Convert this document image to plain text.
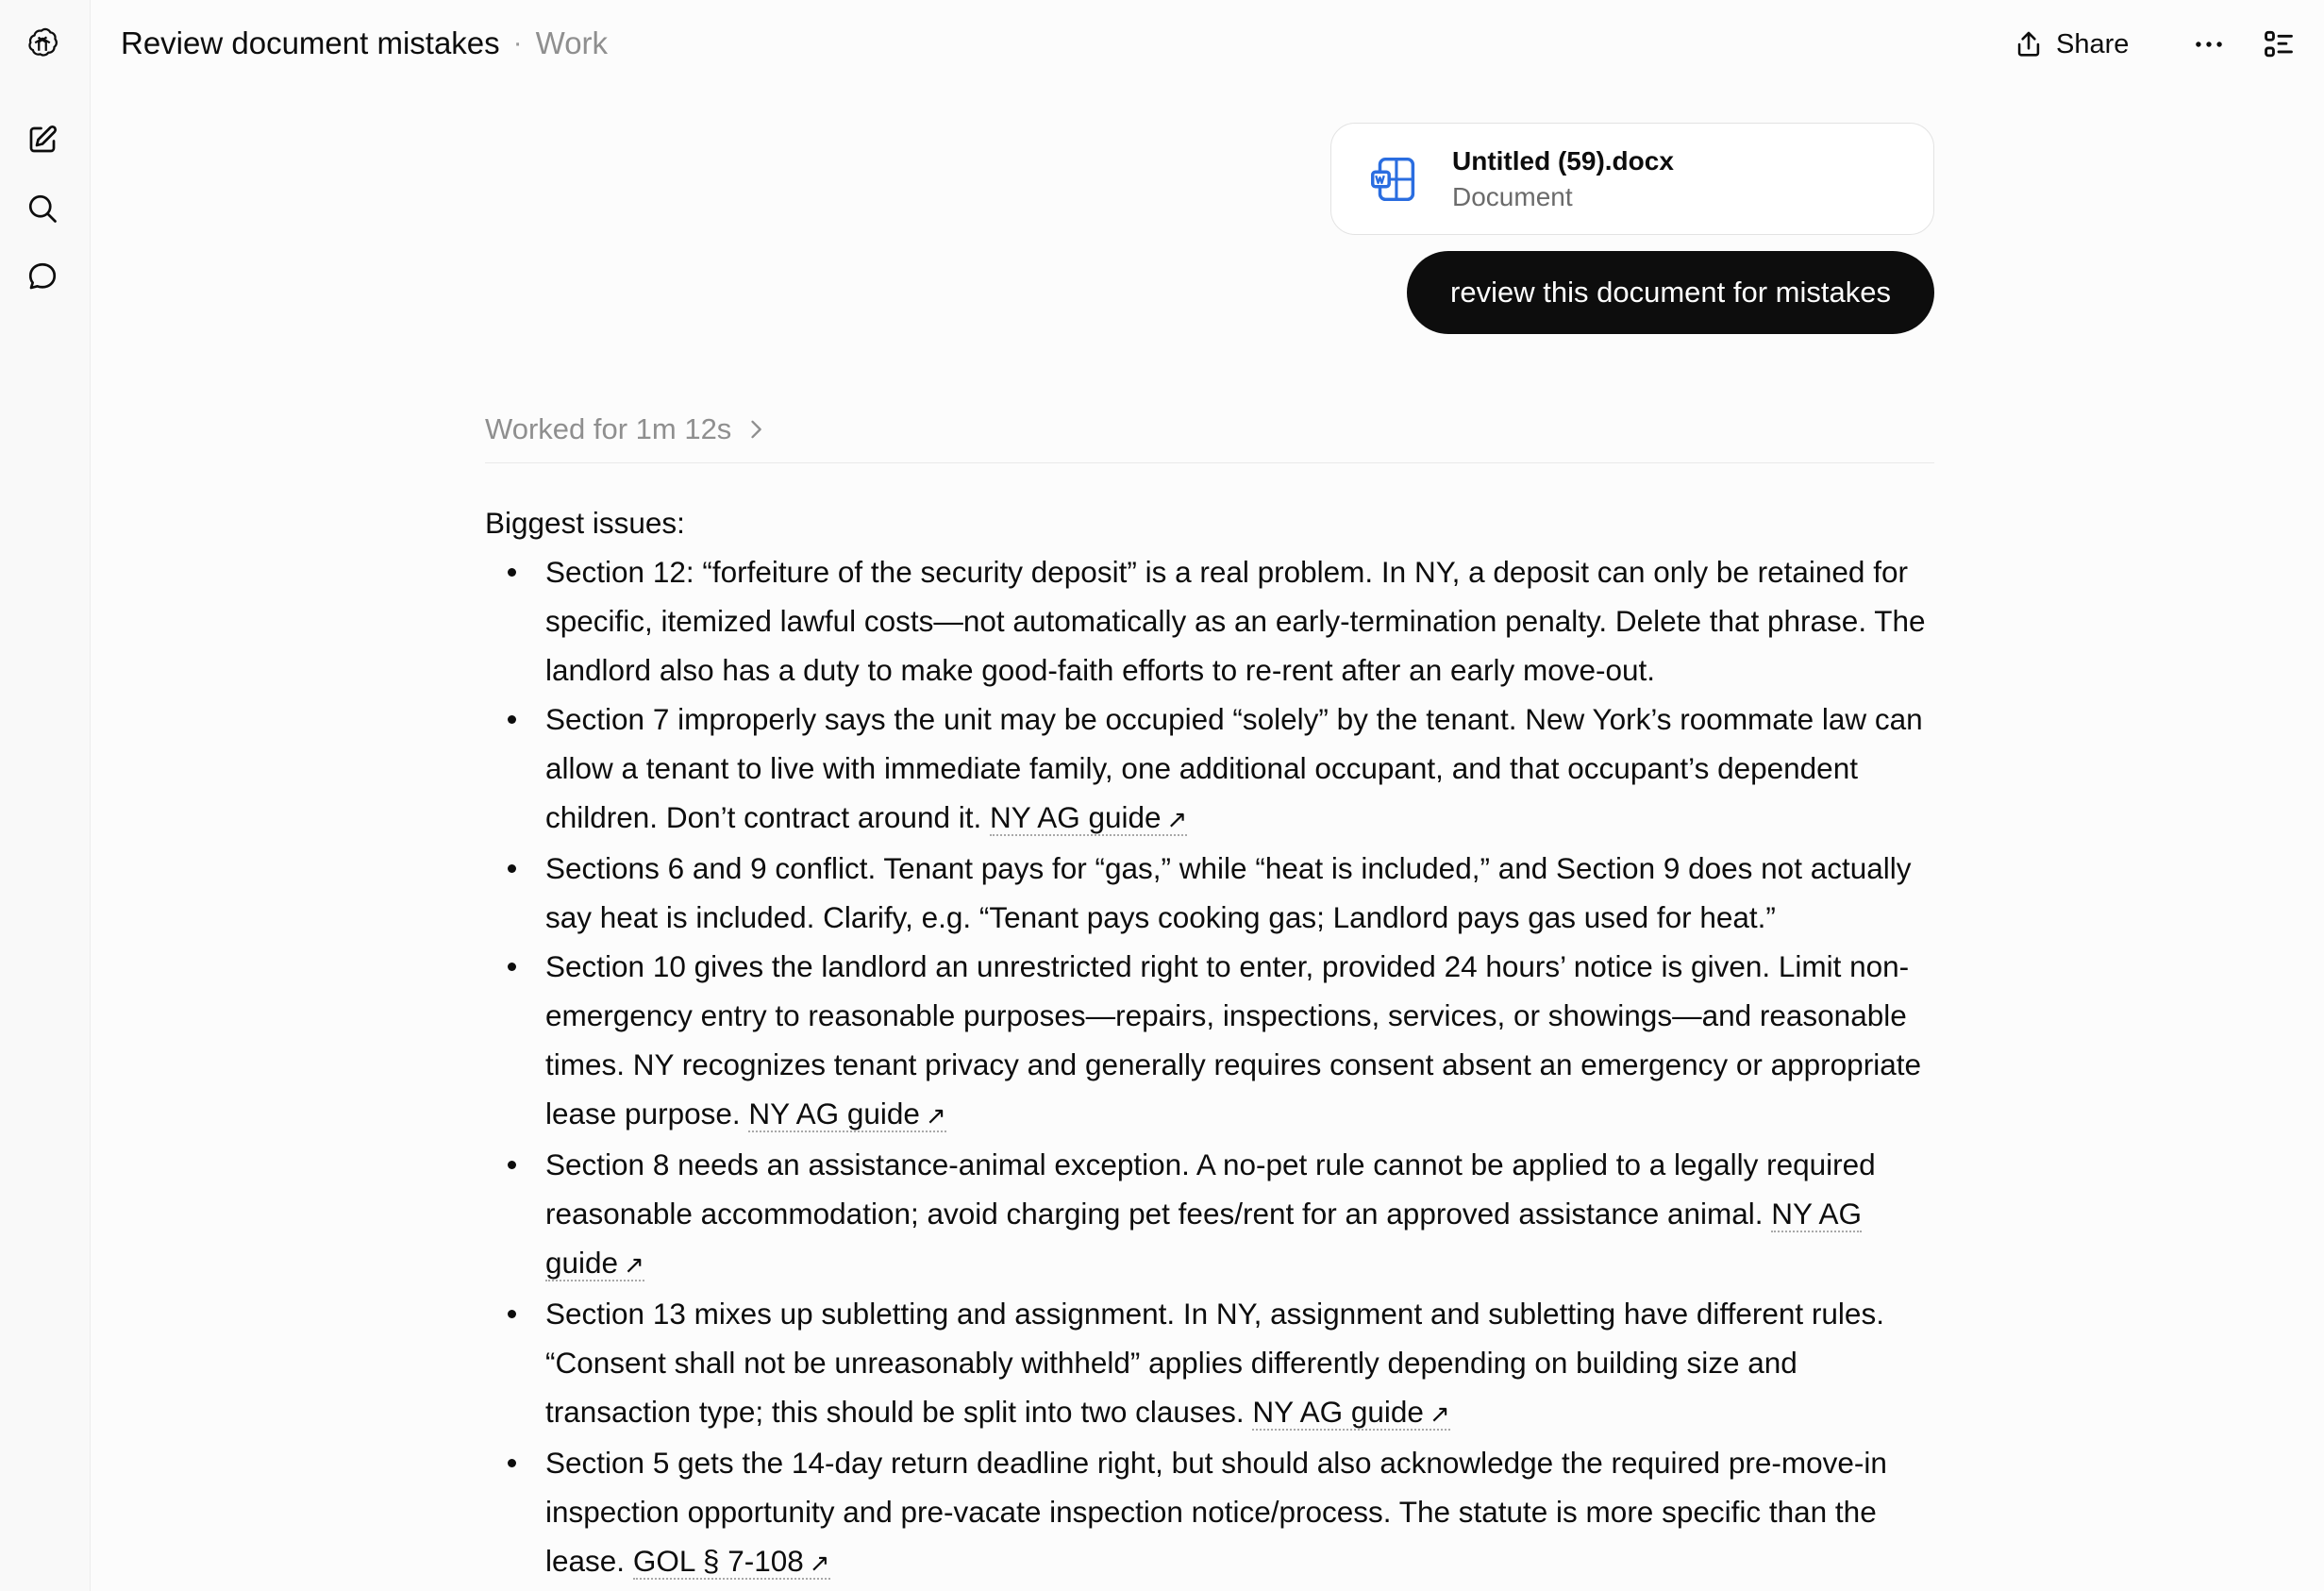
Review document mistakes · Work	Share
Untitled (59).docx
Document
review this document for mistakes
Worked for 1m 12s

Biggest issues:

Section 12: “forfeiture of the security deposit” is a real problem. In NY, a deposit can only be retained for specific, itemized lawful costs—not automatically as an early-termination penalty. Delete that phrase. The landlord also has a duty to make good-faith efforts to re-rent after an early move-out.
Section 7 improperly says the unit may be occupied “solely” by the tenant. New York’s roommate law can allow a tenant to live with immediate family, one additional occupant, and that occupant’s dependent children. Don’t contract around it. NY AG guide ↗
Sections 6 and 9 conflict. Tenant pays for “gas,” while “heat is included,” and Section 9 does not actually say heat is included. Clarify, e.g. “Tenant pays cooking gas; Landlord pays gas used for heat.”
Section 10 gives the landlord an unrestricted right to enter, provided 24 hours’ notice is given. Limit non-emergency entry to reasonable purposes—repairs, inspections, services, or showings—and reasonable times. NY recognizes tenant privacy and generally requires consent absent an emergency or appropriate lease purpose. NY AG guide ↗
Section 8 needs an assistance-animal exception. A no-pet rule cannot be applied to a legally required reasonable accommodation; avoid charging pet fees/rent for an approved assistance animal. NY AG guide ↗
Section 13 mixes up subletting and assignment. In NY, assignment and subletting have different rules. “Consent shall not be unreasonably withheld” applies differently depending on building size and transaction type; this should be split into two clauses. NY AG guide ↗
Section 5 gets the 14-day return deadline right, but should also acknowledge the required pre-move-in inspection opportunity and pre-vacate inspection notice/process. The statute is more specific than the lease. GOL § 7-108 ↗
